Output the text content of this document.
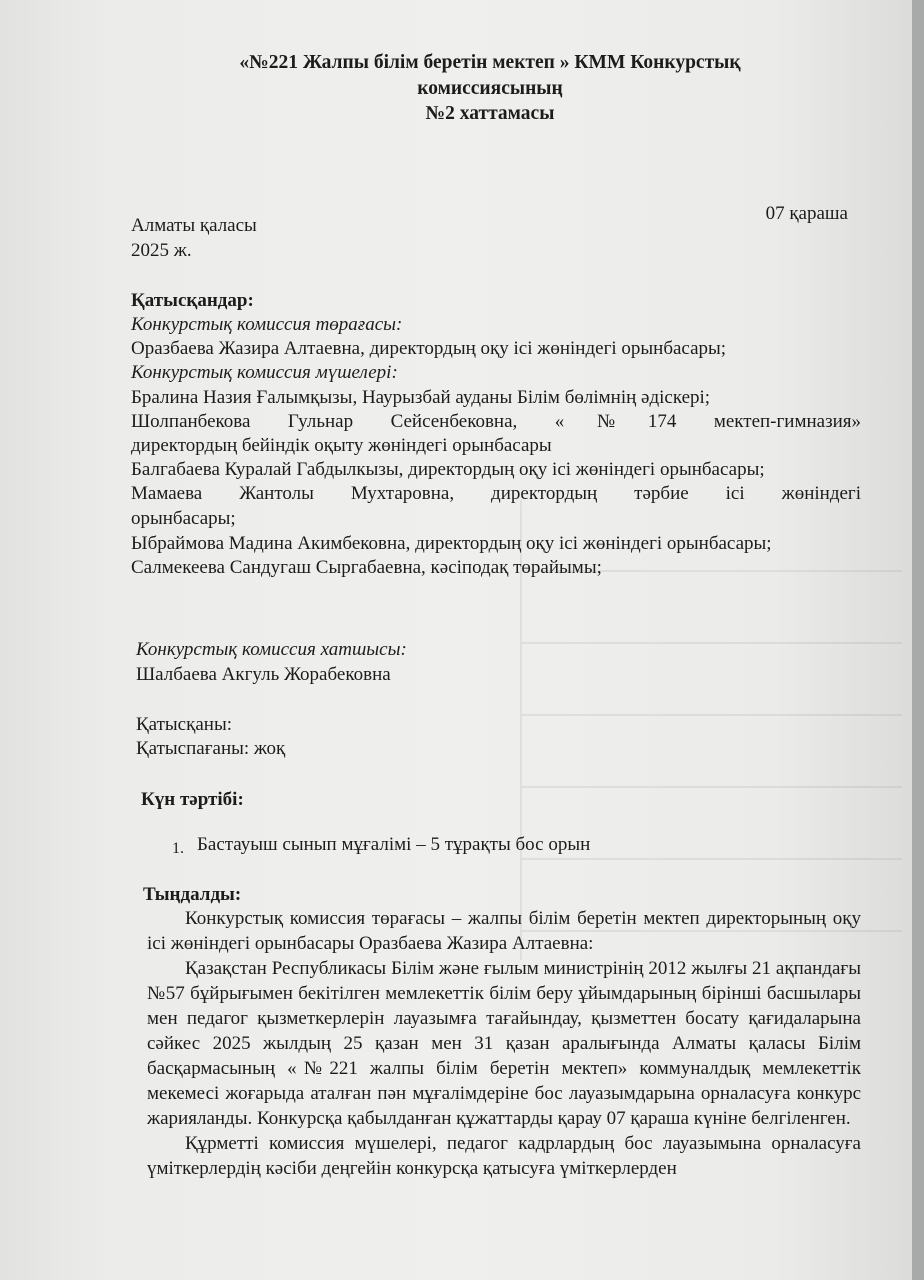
«№221 Жалпы білім беретін мектеп » КММ Конкурстық
комиссиясының
№2 хаттамасы
Алматы қаласы
07 қараша
2025 ж.
Қатысқандар:
Конкурстық комиссия төрағасы:
Оразбаева Жазира Алтаевна, директордың оқу ісі жөніндегі орынбасары;
Конкурстық комиссия мүшелері:
Бралина Назия Ғалымқызы, Наурызбай ауданы Білім бөлімнің әдіскері;
Шолпанбекова Гульнар Сейсенбековна, «№174 мектеп-гимназия»
директордың бейіндік оқыту жөніндегі орынбасары
Балгабаева Куралай Габдылкызы, директордың оқу ісі жөніндегі орынбасары;
Мамаева Жантолы Мухтаровна, директордың тәрбие ісі жөніндегі
орынбасары;
Ыбраймова Мадина Акимбековна, директордың оқу ісі жөніндегі орынбасары;
Салмекеева Сандугаш Сыргабаевна, кәсіподақ төрайымы;
Конкурстық комиссия хатшысы:
Шалбаева Акгуль Жорабековна
Қатысқаны:
Қатыспағаны: жоқ
Күн тәртібі:
1. Бастауыш сынып мұғалімі – 5 тұрақты бос орын
Тыңдалды:

Конкурстық комиссия төрағасы – жалпы білім беретін мектеп директорының оқу ісі жөніндегі орынбасары Оразбаева Жазира Алтаевна:

Қазақстан Республикасы Білім және ғылым министрінің 2012 жылғы 21 ақпандағы №57 бұйрығымен бекітілген мемлекеттік білім беру ұйымдарының бірінші басшылары мен педагог қызметкерлерін лауазымға тағайындау, қызметтен босату қағидаларына сәйкес 2025 жылдың 25 қазан мен 31 қазан аралығында Алматы қаласы Білім басқармасының «№221 жалпы білім беретін мектеп» коммуналдық мемлекеттік мекемесі жоғарыда аталған пән мұғалімдеріне бос лауазымдарына орналасуға конкурс жарияланды. Конкурсқа қабылданған құжаттарды қарау 07 қараша күніне белгіленген.

Құрметті комиссия мүшелері, педагог кадрлардың бос лауазымына орналасуға үміткерлердің кәсіби деңгейін конкурсқа қатысуға үміткерлерден
